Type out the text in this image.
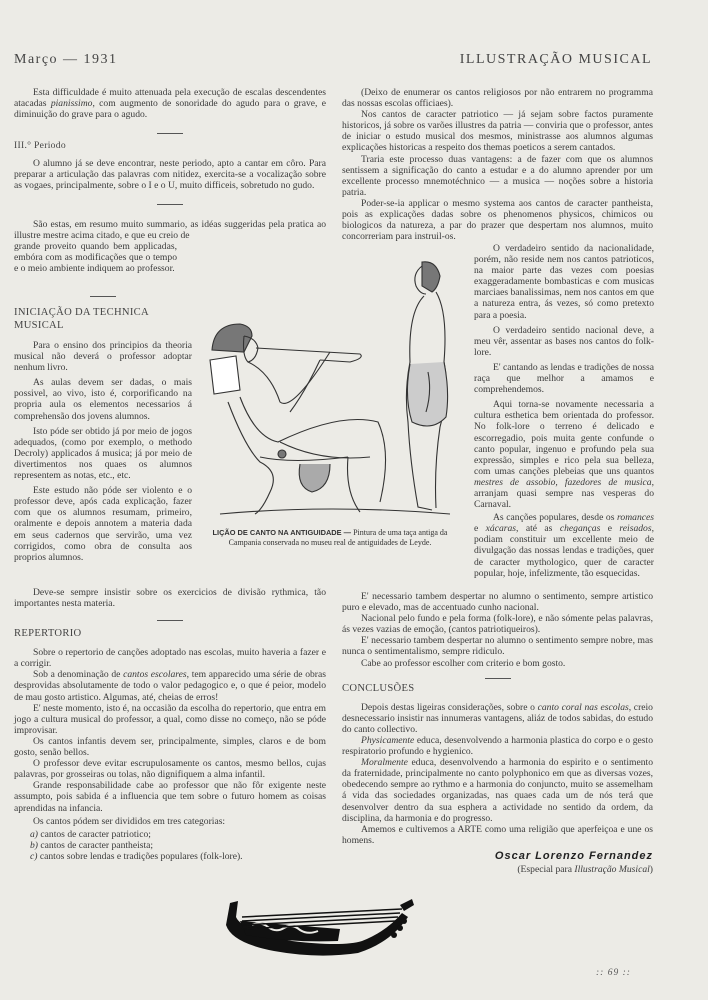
Março — 1931	ILLUSTRAÇÃO MUSICAL

Esta difficuldade é muito attenuada pela execução de escalas descendentes atacadas pianissimo, com augmento de sonoridade do agudo para o grave, e diminuição do grave para o agudo.

III.° Periodo

O alumno já se deve encontrar, neste periodo, apto a cantar em côro. Para preparar a articulação das palavras com nitidez, exercita-se a vocalização sobre as vogaes, principalmente, sobre o I e o U, muito difficeis, sobretudo no gudo.

São estas, em resumo muito summario, as idéas suggeridas pela pratica ao illustre mestre acima citado, e que eu creio de

grande proveito quando bem applicadas, embóra com as modificações que o tempo e o meio ambiente indiquem ao professor.

INICIAÇÃO DA TECHNICA MUSICAL

Para o ensino dos principios da theoria musical não deverá o professor adoptar nenhum livro.

As aulas devem ser dadas, o mais possivel, ao vivo, isto é, corporificando na propria aula os elementos necessarios á comprehensão dos jovens alumnos.

Isto póde ser obtido já por meio de jogos adequados, (como por exemplo, o methodo Decroly) applicados á musica; já por meio de divertimentos nos quaes os alumnos representem as notas, etc., etc.

Este estudo não póde ser violento e o professor deve, após cada explicação, fazer com que os alumnos resumam, primeiro, oralmente e depois annotem a materia dada em seus cadernos que servirão, uma vez corrigidos, como obra de consulta aos proprios alumnos.

Deve-se sempre insistir sobre os exercicios de divisão rythmica, tão importantes nesta materia.

REPERTORIO

Sobre o repertorio de canções adoptado nas escolas, muito haveria a fazer e a corrigir.

Sob a denominação de cantos escolares, tem apparecido uma série de obras desprovidas absolutamente de todo o valor pedagogico e, o que é peior, modelo de mau gosto artistico. Algumas, até, cheias de erros!

E' neste momento, isto é, na occasião da escolha do repertorio, que entra em jogo a cultura musical do professor, a qual, como disse no começo, não se póde improvisar.

Os cantos infantis devem ser, principalmente, simples, claros e de bom gosto, senão bellos.

O professor deve evitar escrupulosamente os cantos, mesmo bellos, cujas palavras, por grosseiras ou tolas, não dignifiquem a alma infantil.

Grande responsabilidade cabe ao professor que não fôr exigente neste assumpto, pois sabida é a influencia que tem sobre o futuro homem as coisas aprendidas na infancia.

Os cantos pódem ser divididos em tres categorias:

a) cantos de caracter patriotico;
b) cantos de caracter pantheista;
c) cantos sobre lendas e tradições populares (folk-lore).

(Deixo de enumerar os cantos religiosos por não entrarem no programma das nossas escolas officiaes).

Nos cantos de caracter patriotico — já sejam sobre factos puramente historicos, já sobre os varões illustres da patria — conviria que o professor, antes de iniciar o estudo musical dos mesmos, ministrasse aos alumnos algumas explicações historicas a respeito dos themas poeticos a serem cantados.

Traria este processo duas vantagens: a de fazer com que os alumnos sentissem a significação do canto a estudar e a do alumno aprender por um excellente processo mnemotéchnico — a musica — noções sobre a historia patria.

Poder-se-ia applicar o mesmo systema aos cantos de caracter pantheista, pois as explicações dadas sobre os phenomenos physicos, chimicos ou biologicos da natureza, a par do prazer que despertam nos alumnos, muito concorreriam para instruil-os.

O verdadeiro sentido da nacionalidade, porém, não reside nem nos cantos patrioticos, na maior parte das vezes com poesias exaggeradamente bombasticas e com musicas marciaes banalissimas, nem nos cantos em que a natureza entra, ás vezes, só como pretexto para a poesia.

O verdadeiro sentido nacional deve, a meu vêr, assentar as bases nos cantos do folk-lore.

E' cantando as lendas e tradições de nossa raça que melhor a amamos e comprehendemos.

Aqui torna-se novamente necessaria a cultura esthetica bem orientada do professor. No folk-lore o terreno é delicado e escorregadio, pois muita gente confunde o canto popular, ingenuo e profundo pela sua expressão, simples e rico pela sua belleza, com umas canções plebeias que uns quantos mestres de assobio, fazedores de musica, arranjam quasi sempre nas vesperas do Carnaval.

As canções populares, desde os romances e xácaras, até as cheganças e reisados, podiam constituir um excellente meio de divulgação das nossas lendas e tradições, quer de caracter mythologico, quer de caracter popular, hoje, infelizmente, tão esquecidas.

E' necessario tambem despertar no alumno o sentimento, sempre artistico puro e elevado, mas de accentuado cunho nacional.

Nacional pelo fundo e pela forma (folk-lore), e não sómente pelas palavras, ás vezes vazias de emoção, (cantos patriotiqueiros).

E' necessario tambem despertar no alumno o sentimento sempre nobre, mas nunca o sentimentalismo, sempre ridiculo.

Cabe ao professor escolher com criterio e bom gosto.

CONCLUSÕES

Depois destas ligeiras considerações, sobre o canto coral nas escolas, creio desnecessario insistir nas innumeras vantagens, aliáz de todos sabidas, do estudo do canto collectivo.

Physicamente educa, desenvolvendo a harmonia plastica do corpo e o gesto respiratorio profundo e hygienico.

Moralmente educa, desenvolvendo a harmonia do espirito e o sentimento da fraternidade, principalmente no canto polyphonico em que as diversas vozes, obedecendo sempre ao rythmo e a harmonia do conjuncto, muito se assemelham á vida das sociedades organizadas, nas quaes cada um de nós terá que desenvolver dentro da sua esphera a actividade no sentido da ordem, da disciplina, da harmonia e do progresso.

Amemos e cultivemos a ARTE como uma religião que aperfeiçoa e une os homens.

Oscar Lorenzo Fernandez
(Especial para Illustração Musical)
LIÇÃO DE CANTO NA ANTIGUIDADE — Pintura de uma taça antiga da Campania conservada no museu real de antiguidades de Leyde.
:: 69 ::
